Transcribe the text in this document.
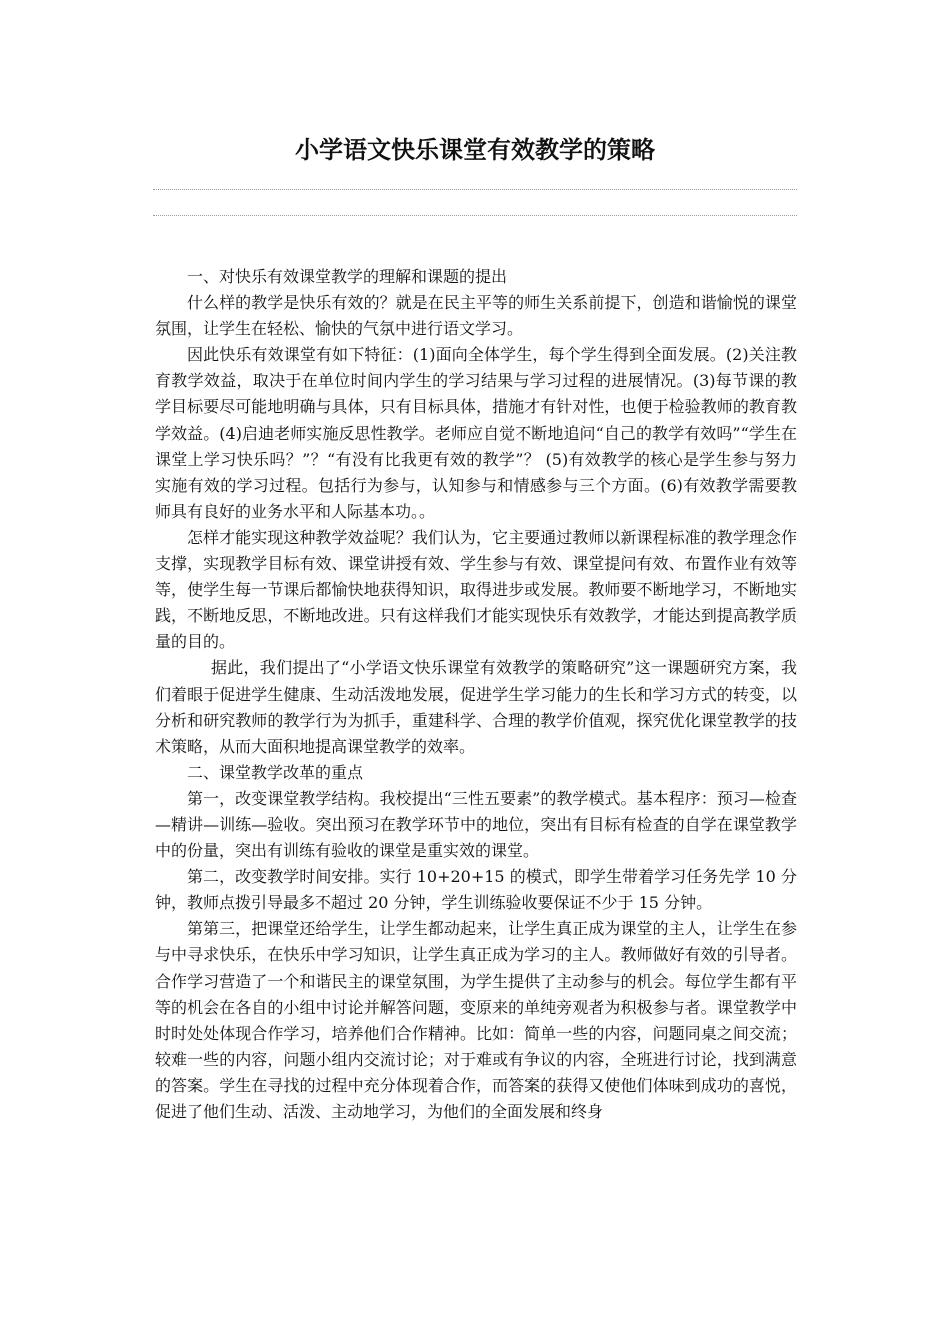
小学语文快乐课堂有效教学的策略

一、对快乐有效课堂教学的理解和课题的提出

什么样的教学是快乐有效的？就是在民主平等的师生关系前提下，创造和谐愉悦的课堂氛围，让学生在轻松、愉快的气氛中进行语文学习。

因此快乐有效课堂有如下特征：(1)面向全体学生，每个学生得到全面发展。(2)关注教育教学效益，取决于在单位时间内学生的学习结果与学习过程的进展情况。(3)每节课的教学目标要尽可能地明确与具体，只有目标具体，措施才有针对性，也便于检验教师的教育教学效益。(4)启迪老师实施反思性教学。老师应自觉不断地追问“自己的教学有效吗”“学生在课堂上学习快乐吗？”？“有没有比我更有效的教学”？ (5)有效教学的核心是学生参与努力实施有效的学习过程。包括行为参与，认知参与和情感参与三个方面。(6)有效教学需要教师具有良好的业务水平和人际基本功。。

怎样才能实现这种教学效益呢？我们认为，它主要通过教师以新课程标准的教学理念作支撑，实现教学目标有效、课堂讲授有效、学生参与有效、课堂提问有效、布置作业有效等等，使学生每一节课后都愉快地获得知识，取得进步或发展。教师要不断地学习，不断地实践，不断地反思，不断地改进。只有这样我们才能实现快乐有效教学，才能达到提高教学质量的目的。

据此，我们提出了“小学语文快乐课堂有效教学的策略研究”这一课题研究方案，我们着眼于促进学生健康、生动活泼地发展，促进学生学习能力的生长和学习方式的转变，以分析和研究教师的教学行为为抓手，重建科学、合理的教学价值观，探究优化课堂教学的技术策略，从而大面积地提高课堂教学的效率。

二、课堂教学改革的重点

第一，改变课堂教学结构。我校提出“三性五要素”的教学模式。基本程序：预习—检查—精讲—训练—验收。突出预习在教学环节中的地位，突出有目标有检查的自学在课堂教学中的份量，突出有训练有验收的课堂是重实效的课堂。

第二，改变教学时间安排。实行 10+20+15 的模式，即学生带着学习任务先学 10 分钟，教师点拨引导最多不超过 20 分钟，学生训练验收要保证不少于 15 分钟。

第第三，把课堂还给学生，让学生都动起来，让学生真正成为课堂的主人，让学生在参与中寻求快乐，在快乐中学习知识，让学生真正成为学习的主人。教师做好有效的引导者。合作学习营造了一个和谐民主的课堂氛围，为学生提供了主动参与的机会。每位学生都有平等的机会在各自的小组中讨论并解答问题，变原来的单纯旁观者为积极参与者。课堂教学中时时处处体现合作学习，培养他们合作精神。比如：简单一些的内容，问题同桌之间交流；较难一些的内容，问题小组内交流讨论；对于难或有争议的内容，全班进行讨论，找到满意的答案。学生在寻找的过程中充分体现着合作，而答案的获得又使他们体味到成功的喜悦，促进了他们生动、活泼、主动地学习，为他们的全面发展和终身
